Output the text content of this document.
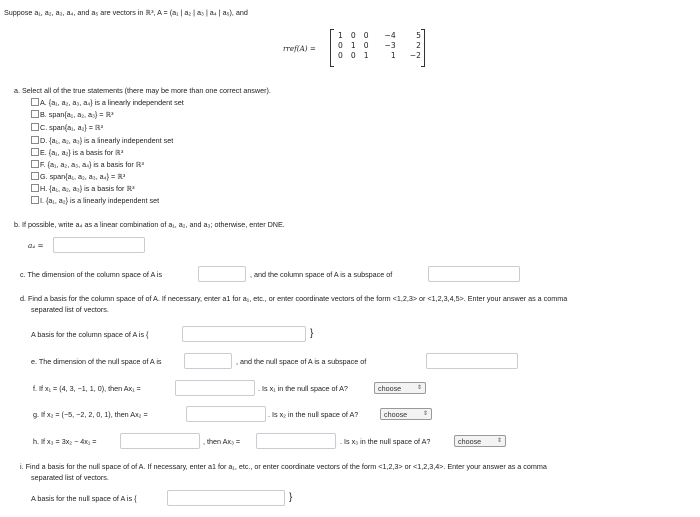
Suppose a₁, a₂, a₃, a₄, and a₅ are vectors in ℝ³, A = (a₁ | a₂ | a₃ | a₄ | a₅), and
rref(A) =
1	0	0	−4	5
0	1	0	−3	2
0	0	1	1	−2
a. Select all of the true statements (there may be more than one correct answer).
A. {a₁, a₂, a₃, a₄} is a linearly independent set
B. span{a₁, a₂, a₃} = ℝ³
C. span{a₁, a₂} = ℝ³
D. {a₁, a₂, a₃} is a linearly independent set
E. {a₁, a₂} is a basis for ℝ³
F. {a₁, a₂, a₃, a₄} is a basis for ℝ³
G. span{a₁, a₂, a₃, a₄} = ℝ³
H. {a₁, a₂, a₃} is a basis for ℝ³
I. {a₁, a₂} is a linearly independent set
b. If possible, write a₄ as a linear combination of a₁, a₂, and a₃; otherwise, enter DNE.
a₄ =
c. The dimension of the column space of A is	, and the column space of A is a subspace of
d. Find a basis for the column space of of A. If necessary, enter a1 for a₁, etc., or enter coordinate vectors of the form <1,2,3> or <1,2,3,4,5>. Enter your answer as a comma
separated list of vectors.
A basis for the column space of A is {	}
e. The dimension of the null space of A is	, and the null space of A is a subspace of
f. If x₁ = (4, 3, −1, 1, 0), then Ax₁ =	. Is x₁ in the null space of A?	choose	⇕
g. If x₂ = (−5, −2, 2, 0, 1), then Ax₂ =	. Is x₂ in the null space of A?	choose	⇕
h. If x₃ = 3x₂ − 4x₁ =	, then Ax₃ =	. Is x₃ in the null space of A?	choose	⇕
i. Find a basis for the null space of of A. If necessary, enter a1 for a₁, etc., or enter coordinate vectors of the form <1,2,3> or <1,2,3,4>. Enter your answer as a comma
separated list of vectors.
A basis for the null space of A is {	}
